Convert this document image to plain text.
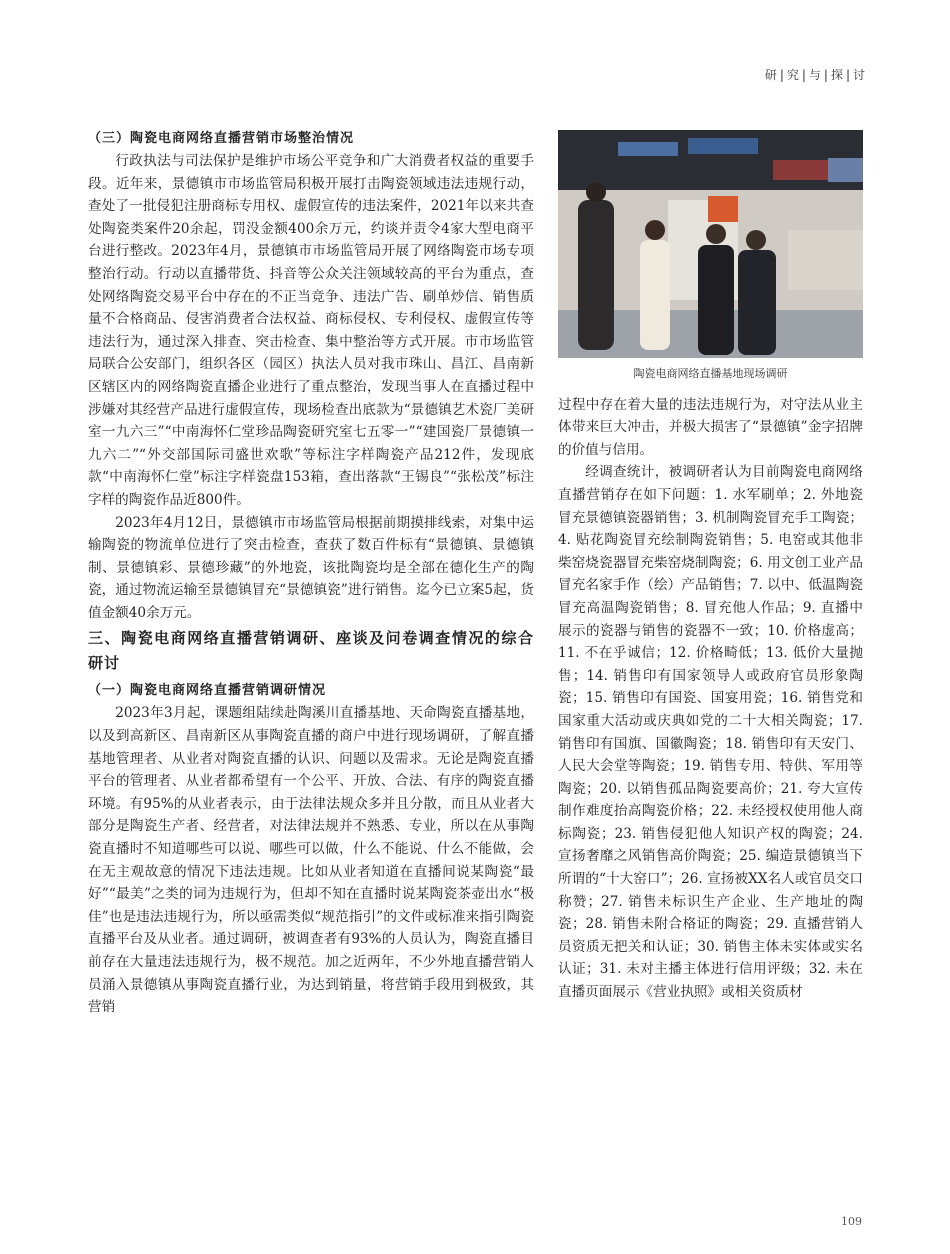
研|究|与|探|讨
（三）陶瓷电商网络直播营销市场整治情况

行政执法与司法保护是维护市场公平竞争和广大消费者权益的重要手段。近年来，景德镇市市场监管局积极开展打击陶瓷领域违法违规行动，查处了一批侵犯注册商标专用权、虚假宣传的违法案件，2021年以来共查处陶瓷类案件20余起，罚没金额400余万元，约谈并责令4家大型电商平台进行整改。2023年4月，景德镇市市场监管局开展了网络陶瓷市场专项整治行动。行动以直播带货、抖音等公众关注领域较高的平台为重点，查处网络陶瓷交易平台中存在的不正当竞争、违法广告、刷单炒信、销售质量不合格商品、侵害消费者合法权益、商标侵权、专利侵权、虚假宣传等违法行为，通过深入排查、突击检查、集中整治等方式开展。市市场监管局联合公安部门，组织各区（园区）执法人员对我市珠山、昌江、昌南新区辖区内的网络陶瓷直播企业进行了重点整治，发现当事人在直播过程中涉嫌对其经营产品进行虚假宣传，现场检查出底款为“景德镇艺术瓷厂美研室一九六三”“中南海怀仁堂珍品陶瓷研究室七五零一”“建国瓷厂景德镇一九六二”“外交部国际司盛世欢歌”等标注字样陶瓷产品212件，发现底款“中南海怀仁堂”标注字样瓷盘153箱，查出落款“王锡良”“张松茂”标注字样的陶瓷作品近800件。

2023年4月12日，景德镇市市场监管局根据前期摸排线索，对集中运输陶瓷的物流单位进行了突击检查，查获了数百件标有“景德镇、景德镇制、景德镇彩、景德珍藏”的外地瓷，该批陶瓷均是全部在德化生产的陶瓷，通过物流运输至景德镇冒充“景德镇瓷”进行销售。迄今已立案5起，货值金额40余万元。

三、陶瓷电商网络直播营销调研、座谈及问卷调查情况的综合研讨
（一）陶瓷电商网络直播营销调研情况

2023年3月起，课题组陆续赴陶溪川直播基地、天命陶瓷直播基地，以及到高新区、昌南新区从事陶瓷直播的商户中进行现场调研，了解直播基地管理者、从业者对陶瓷直播的认识、问题以及需求。无论是陶瓷直播平台的管理者、从业者都希望有一个公平、开放、合法、有序的陶瓷直播环境。有95%的从业者表示，由于法律法规众多并且分散，而且从业者大部分是陶瓷生产者、经营者，对法律法规并不熟悉、专业，所以在从事陶瓷直播时不知道哪些可以说、哪些可以做，什么不能说、什么不能做，会在无主观故意的情况下违法违规。比如从业者知道在直播间说某陶瓷“最好”“最美”之类的词为违规行为，但却不知在直播时说某陶瓷茶壶出水“极佳”也是违法违规行为，所以亟需类似“规范指引”的文件或标准来指引陶瓷直播平台及从业者。通过调研，被调查者有93%的人员认为，陶瓷直播目前存在大量违法违规行为，极不规范。加之近两年，不少外地直播营销人员涌入景德镇从事陶瓷直播行业，为达到销量，将营销手段用到极致，其营销

陶瓷电商网络直播基地现场调研

过程中存在着大量的违法违规行为，对守法从业主体带来巨大冲击，并极大损害了“景德镇”金字招牌的价值与信用。

经调查统计，被调研者认为目前陶瓷电商网络直播营销存在如下问题：1. 水军刷单；2. 外地瓷冒充景德镇瓷器销售；3. 机制陶瓷冒充手工陶瓷；4. 贴花陶瓷冒充绘制陶瓷销售；5. 电窑或其他非柴窑烧瓷器冒充柴窑烧制陶瓷；6. 用文创工业产品冒充名家手作（绘）产品销售；7. 以中、低温陶瓷冒充高温陶瓷销售；8. 冒充他人作品；9. 直播中展示的瓷器与销售的瓷器不一致；10. 价格虚高；11. 不在乎诚信；12. 价格畸低；13. 低价大量抛售；14. 销售印有国家领导人或政府官员形象陶瓷；15. 销售印有国瓷、国宴用瓷；16. 销售党和国家重大活动或庆典如党的二十大相关陶瓷；17. 销售印有国旗、国徽陶瓷；18. 销售印有天安门、人民大会堂等陶瓷；19. 销售专用、特供、军用等陶瓷；20. 以销售孤品陶瓷要高价；21. 夸大宣传制作难度抬高陶瓷价格；22. 未经授权使用他人商标陶瓷；23. 销售侵犯他人知识产权的陶瓷；24. 宣扬奢靡之风销售高价陶瓷；25. 编造景德镇当下所谓的“十大窑口”；26. 宣扬被XX名人或官员交口称赞；27. 销售未标识生产企业、生产地址的陶瓷；28. 销售未附合格证的陶瓷；29. 直播营销人员资质无把关和认证；30. 销售主体未实体或实名认证；31. 未对主播主体进行信用评级；32. 未在直播页面展示《营业执照》或相关资质材

109
